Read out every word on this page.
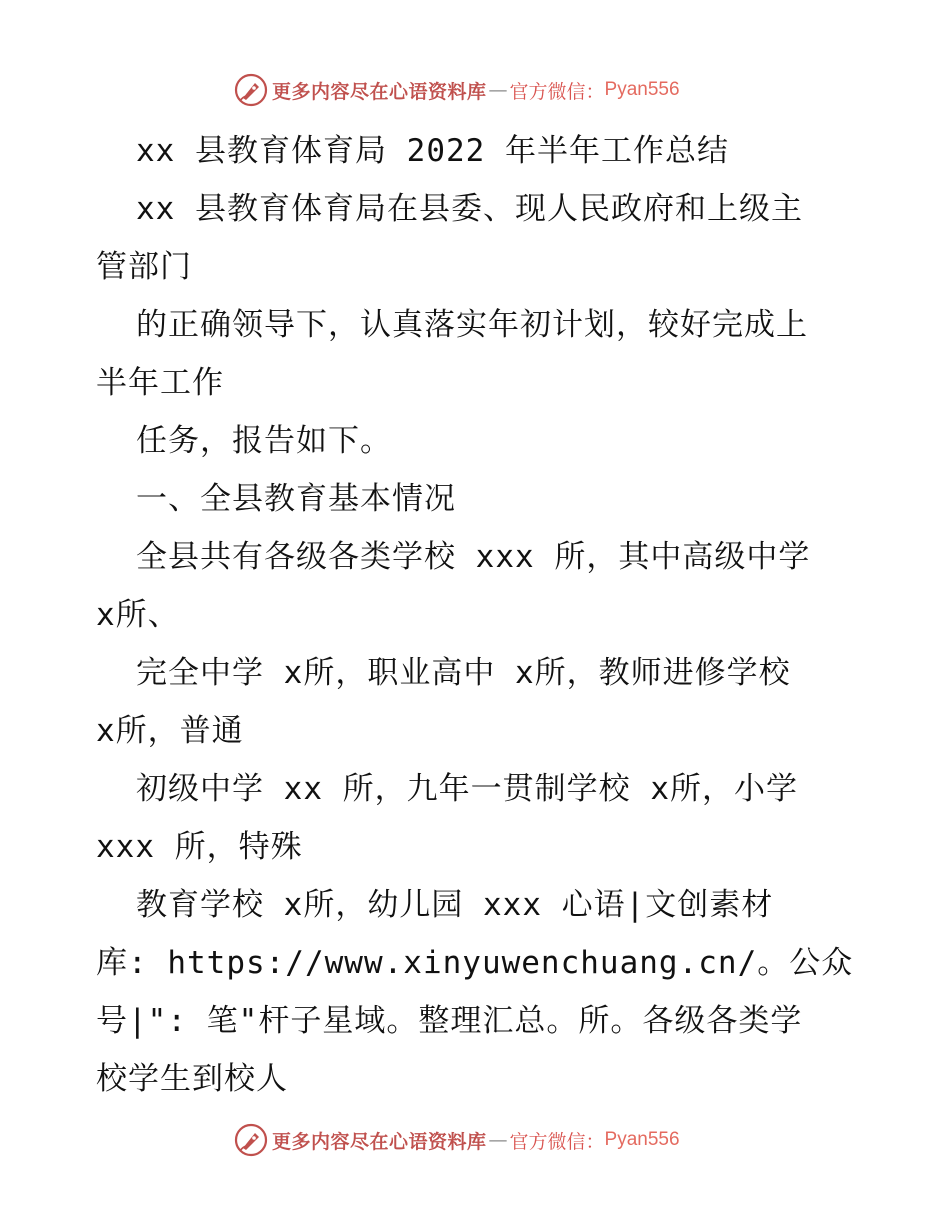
更多内容尽在心语资料库 — 官方微信： Pyan556
xx 县教育体育局 2022 年半年工作总结
xx 县教育体育局在县委、现人民政府和上级主
管部门
的正确领导下，认真落实年初计划，较好完成上
半年工作
任务，报告如下。
一、全县教育基本情况
全县共有各级各类学校 xxx 所，其中高级中学
x所、
完全中学 x所，职业高中 x所，教师进修学校
x所，普通
初级中学 xx 所，九年一贯制学校 x所，小学
xxx 所，特殊
教育学校 x所，幼儿园 xxx 心语|文创素材
库: https://www.xinyuwenchuang.cn/。公众
号|": 笔"杆子星域。整理汇总。所。各级各类学
校学生到校人
更多内容尽在心语资料库 — 官方微信： Pyan556
